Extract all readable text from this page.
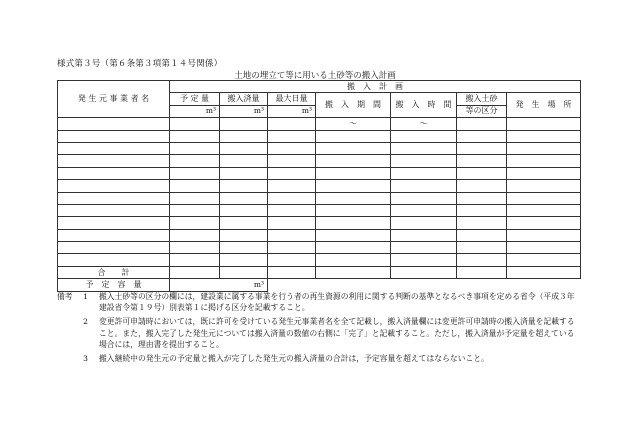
様式第３号（第６条第３項第１４号関係）
土地の埋立て等に用いる土砂等の搬入計画
発 生 元 事 業 者 名	搬　入　計　画						
	予 定 量	搬入済量	最大日量	搬　入　期　間	搬　入　時　間	搬入土砂	発　生　場　所
	m³	m³	m³			等の区分	
				～	～		

合　　計							
予　定　容　量	m³						
備考	1	搬入土砂等の区分の欄には，建設業に属する事業を行う者の再生資源の利用に関する判断の基準となるべき事項を定める省令（平成３年建設省令第１９号）別表第１に掲げる区分を記載すること。
2	変更許可申請時においては，既に許可を受けている発生元事業者名を全て記載し，搬入済量欄には変更許可申請時の搬入済量を記載すること。また，搬入完了した発生元については搬入済量の数値の右側に「完了」と記載すること。ただし，搬入済量が予定量を超えている場合には，理由書を提出すること。
3	搬入継続中の発生元の予定量と搬入が完了した発生元の搬入済量の合計は，予定容量を超えてはならないこと。
